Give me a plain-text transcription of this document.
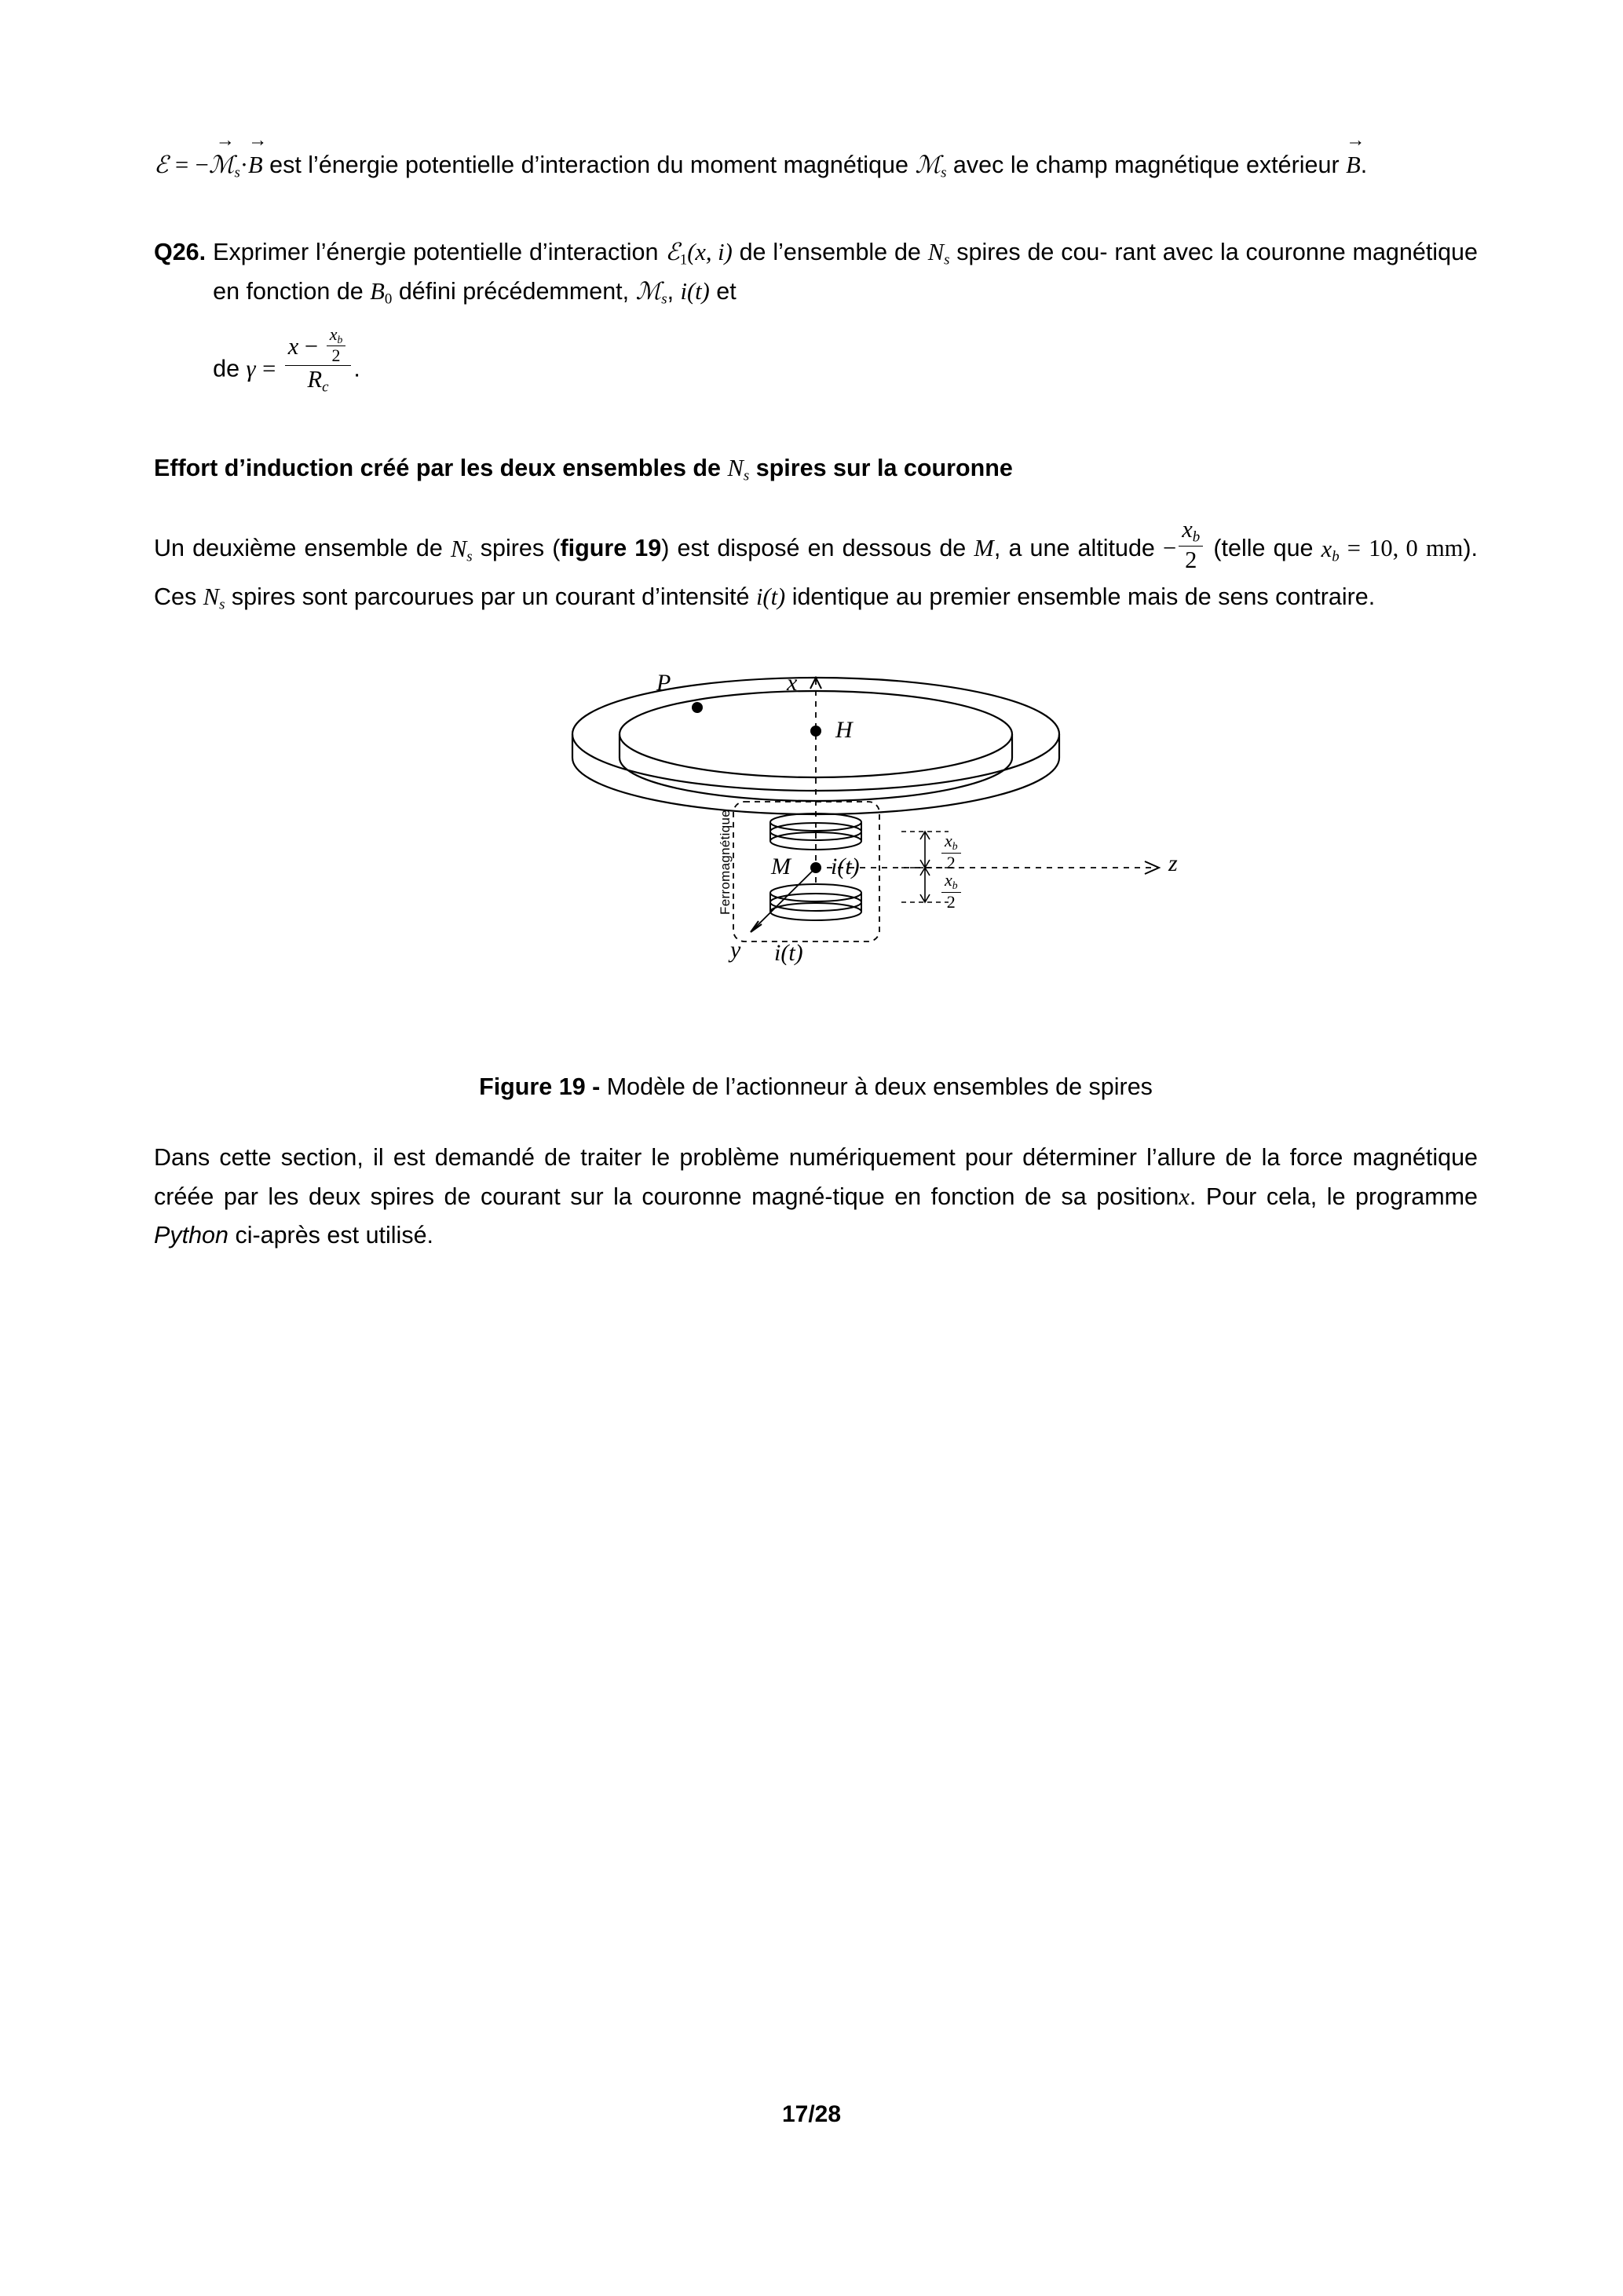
ℰ = −
→
ℳ$_s$·
→
B est l’énergie potentielle d’interaction du moment magnétique ℳ$_s$ avec le champ magnétique extérieur
→
B.
Q26. Exprimer l’énergie potentielle d’interaction ℰ1(x, i) de l’ensemble de $N_s$ spires de cou- rant avec la couronne magnétique en fonction de B0 défini précédemment, ℳ$_s$, i(t) et
de $\gamma = \frac{x - \frac{x_b}{2}}{R_c}$ .
Effort d’induction créé par les deux ensembles de $N_s$ spires sur la couronne
Un deuxième ensemble de $N_s$ spires (figure 19) est disposé en dessous de M, a une altitude − $\frac{x_b}{2}$ (telle que $x_b = 10$, 0 mm). Ces $N_s$ spires sont parcourues par un courant d’intensité i(t) identique au premier ensemble mais de sens contraire.
P	x
H
M i(t)
i(t)
z
y
Ferromagnétique	$\frac{x_b}{2}$
$\frac{x_b}{2}$
Figure 19 - Modèle de l’actionneur à deux ensembles de spires
Dans cette section, il est demandé de traiter le problème numériquement pour déterminer l’allure de la force magnétique créée par les deux spires de courant sur la couronne magné-tique en fonction de sa positionx. Pour cela, le programme Python ci-après est utilisé.
17/28
